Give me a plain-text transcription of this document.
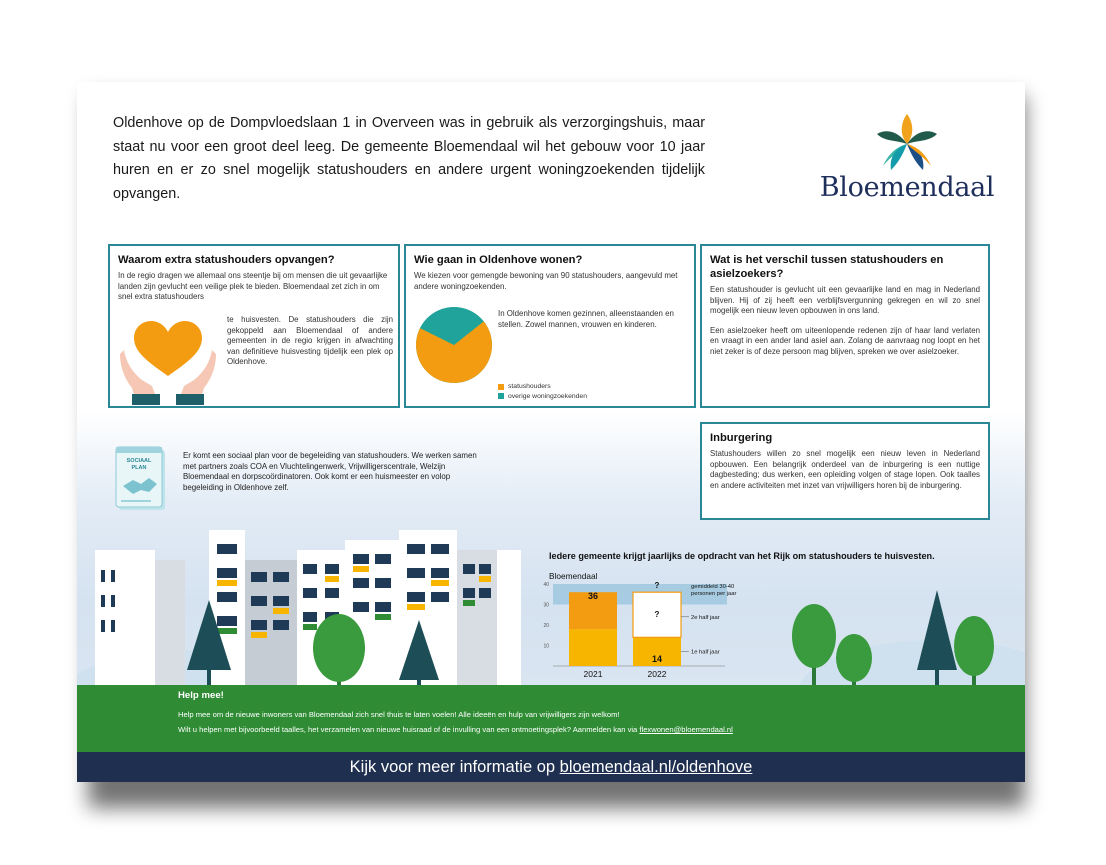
Oldenhove op de Dompvloedslaan 1 in Overveen was in gebruik als verzorgingshuis, maar staat nu voor een groot deel leeg. De gemeente Bloemendaal wil het gebouw voor 10 jaar huren en er zo snel mogelijk statushouders en andere urgent woningzoekenden tijdelijk opvangen.	Bloemendaal
Waarom extra statushouders opvangen?

In de regio dragen we allemaal ons steentje bij om mensen die uit gevaarlijke landen zijn gevlucht een veilige plek te bieden. Bloemendaal zet zich in om snel extra statushouders

te huisvesten. De statushouders die zijn gekoppeld aan Bloemendaal of andere gemeenten in de regio krijgen in afwachting van definitieve huisvesting tijdelijk een plek op Oldenhove.

Wie gaan in Oldenhove wonen?

We kiezen voor gemengde bewoning van 90 statushouders, aangevuld met andere woningzoekenden.

In Oldenhove komen gezinnen, alleenstaanden en stellen. Zowel mannen, vrouwen en kinderen.

statushouders
overige woningzoekenden
Wat is het verschil tussen statushouders en asielzoekers?

Een statushouder is gevlucht uit een gevaarlijke land en mag in Nederland blijven. Hij of zij heeft een verblijfsvergunning gekregen en wil zo snel mogelijk een nieuw leven opbouwen in ons land.

Een asielzoeker heeft om uiteenlopende redenen zijn of haar land verlaten en vraagt in een ander land asiel aan. Zolang de aanvraag nog loopt en het niet zeker is of deze persoon mag blijven, spreken we over asielzoeker.

Inburgering

Statushouders willen zo snel mogelijk een nieuw leven in Nederland opbouwen. Een belangrijk onderdeel van de inburgering is een nuttige dagbesteding; dus werken, een opleiding volgen of stage lopen. Ook taalles en andere activiteiten met inzet van vrijwilligers horen bij de inburgering.

SOCIAAL
PLAN

Er komt een sociaal plan voor de begeleiding van statushouders. We werken samen met partners zoals COA en Vluchtelingenwerk, Vrijwilligerscentrale, Welzijn Bloemendaal en dorpscoördinatoren. Ook komt er een huismeester en volop begeleiding in Oldenhove zelf.

Iedere gemeente krijgt jaarlijks de opdracht van het Rijk om statushouders te huisvesten.
Bloemendaal
10
20
30
40
36
14
?
?
2021	2022
gemiddeld 30-40
personen per jaar
2e half jaar
1e half jaar
Help mee!
Help mee om de nieuwe inwoners van Bloemendaal zich snel thuis te laten voelen! Alle ideeën en hulp van vrijwilligers zijn welkom!
Wilt u helpen met bijvoorbeeld taalles, het verzamelen van nieuwe huisraad of de invulling van een ontmoetingsplek? Aanmelden kan via flexwonen@bloemendaal.nl
Kijk voor meer informatie op bloemendaal.nl/oldenhove
